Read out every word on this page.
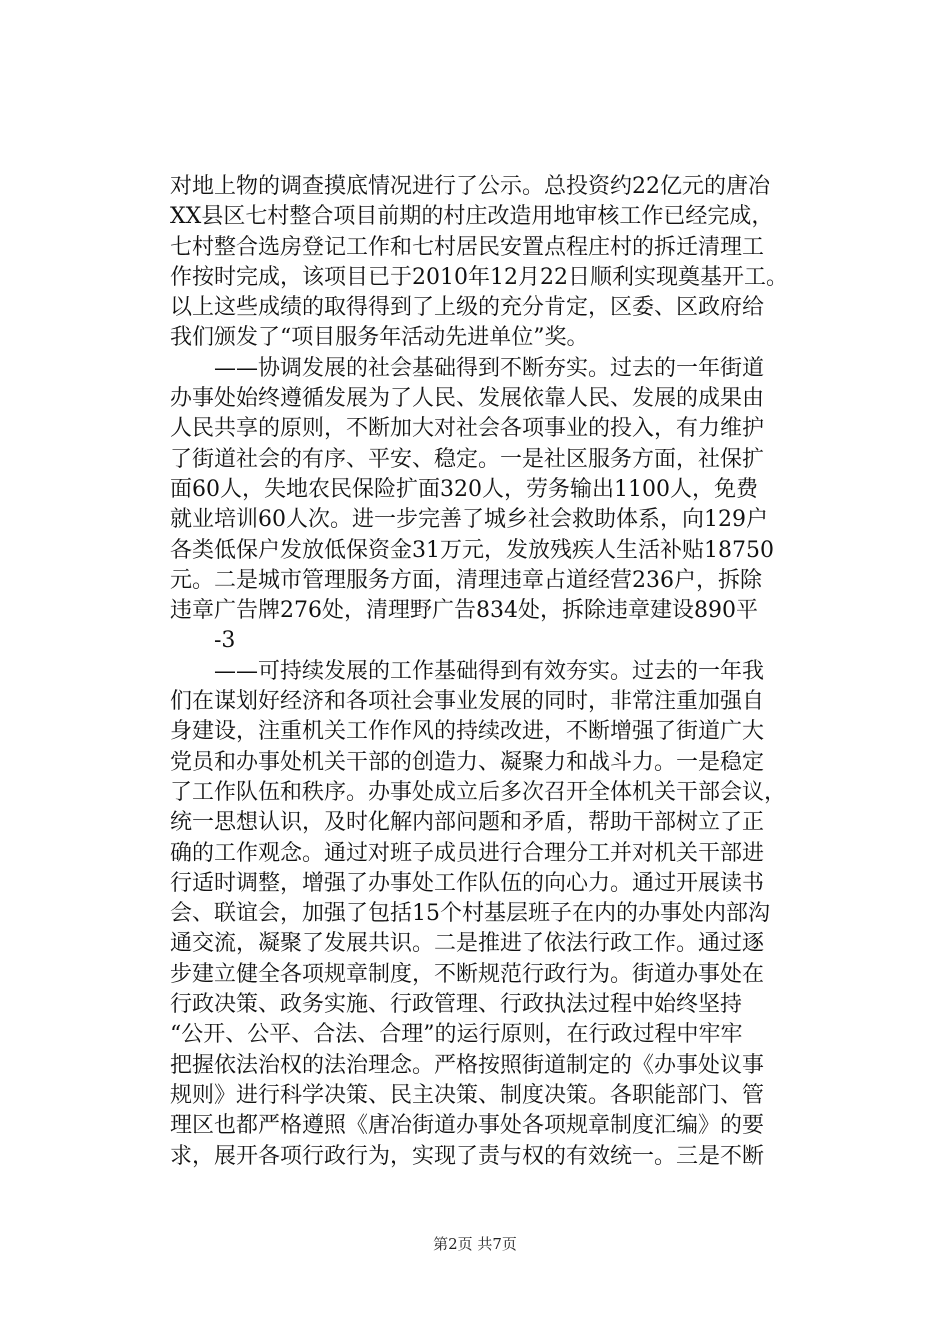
对地上物的调查摸底情况进行了公示。总投资约22亿元的唐冶
XX县区七村整合项目前期的村庄改造用地审核工作已经完成，
七村整合选房登记工作和七村居民安置点程庄村的拆迁清理工
作按时完成，该项目已于2010年12月22日顺利实现奠基开工。
以上这些成绩的取得得到了上级的充分肯定，区委、区政府给
我们颁发了“项目服务年活动先进单位”奖。
——协调发展的社会基础得到不断夯实。过去的一年街道
办事处始终遵循发展为了人民、发展依靠人民、发展的成果由
人民共享的原则，不断加大对社会各项事业的投入，有力维护
了街道社会的有序、平安、稳定。一是社区服务方面，社保扩
面60人，失地农民保险扩面320人，劳务输出1100人，免费
就业培训60人次。进一步完善了城乡社会救助体系，向129户
各类低保户发放低保资金31万元，发放残疾人生活补贴18750
元。二是城市管理服务方面，清理违章占道经营236户，拆除
违章广告牌276处，清理野广告834处，拆除违章建设890平
-3
——可持续发展的工作基础得到有效夯实。过去的一年我
们在谋划好经济和各项社会事业发展的同时，非常注重加强自
身建设，注重机关工作作风的持续改进，不断增强了街道广大
党员和办事处机关干部的创造力、凝聚力和战斗力。一是稳定
了工作队伍和秩序。办事处成立后多次召开全体机关干部会议，
统一思想认识，及时化解内部问题和矛盾，帮助干部树立了正
确的工作观念。通过对班子成员进行合理分工并对机关干部进
行适时调整，增强了办事处工作队伍的向心力。通过开展读书
会、联谊会，加强了包括15个村基层班子在内的办事处内部沟
通交流，凝聚了发展共识。二是推进了依法行政工作。通过逐
步建立健全各项规章制度，不断规范行政行为。街道办事处在
行政决策、政务实施、行政管理、行政执法过程中始终坚持
“公开、公平、合法、合理”的运行原则，在行政过程中牢牢
把握依法治权的法治理念。严格按照街道制定的《办事处议事
规则》进行科学决策、民主决策、制度决策。各职能部门、管
理区也都严格遵照《唐冶街道办事处各项规章制度汇编》的要
求，展开各项行政行为，实现了责与权的有效统一。三是不断
第2页 共7页
